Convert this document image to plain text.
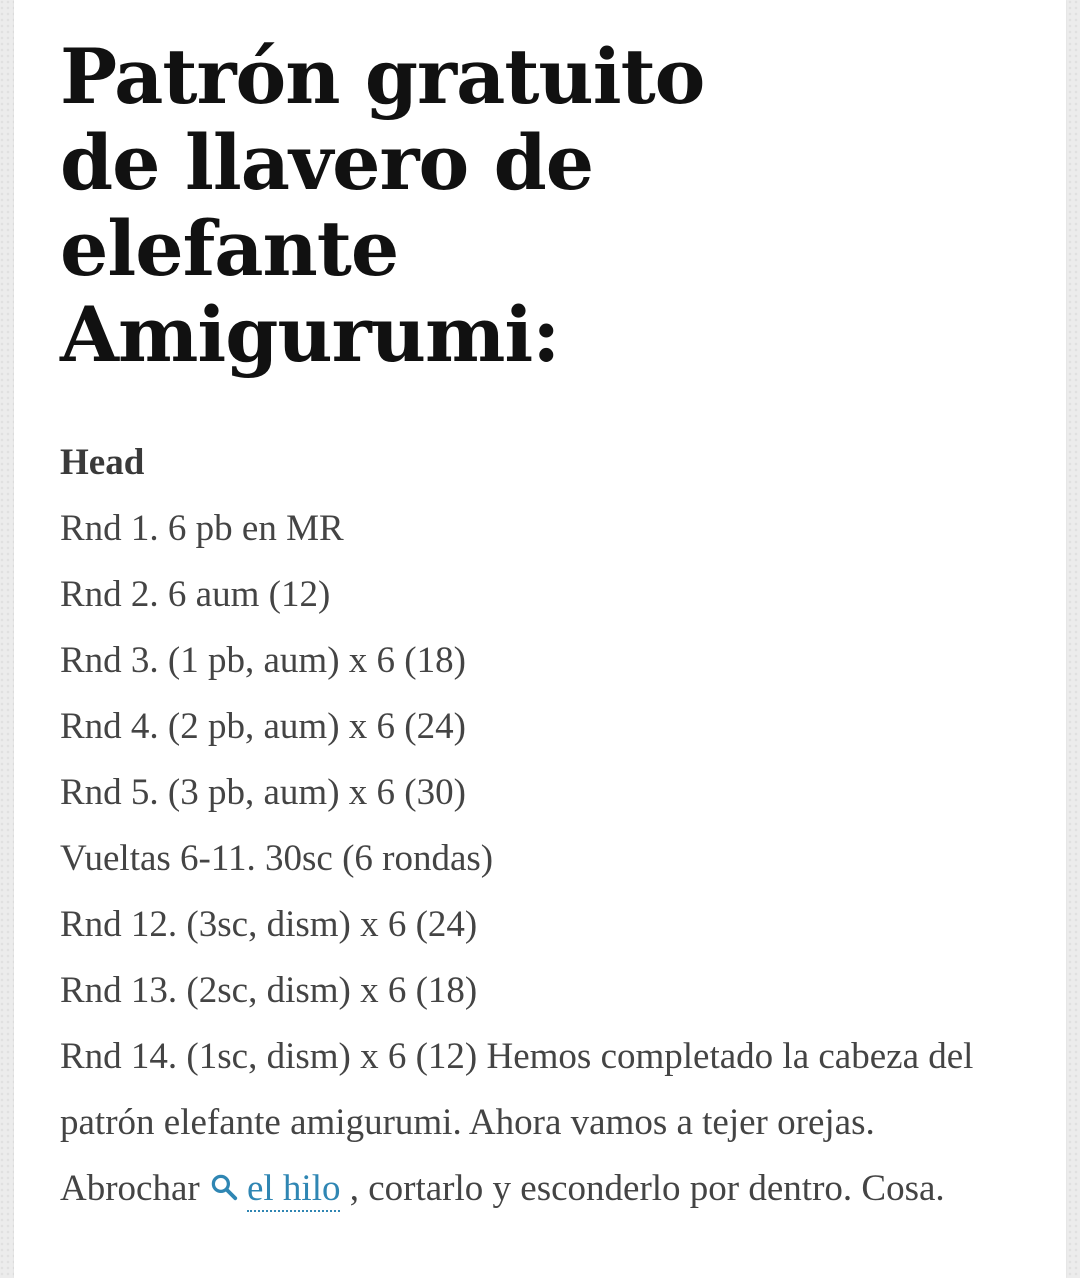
Patrón gratuito de llavero de elefante Amigurumi:
Head
Rnd 1. 6 pb en MR
Rnd 2. 6 aum (12)
Rnd 3. (1 pb, aum) x 6 (18)
Rnd 4. (2 pb, aum) x 6 (24)
Rnd 5. (3 pb, aum) x 6 (30)
Vueltas 6-11. 30sc (6 rondas)
Rnd 12. (3sc, dism) x 6 (24)
Rnd 13. (2sc, dism) x 6 (18)
Rnd 14. (1sc, dism) x 6 (12) Hemos completado la cabeza del patrón elefante amigurumi. Ahora vamos a tejer orejas.
Abrochar el hilo , cortarlo y esconderlo por dentro. Cosa.
